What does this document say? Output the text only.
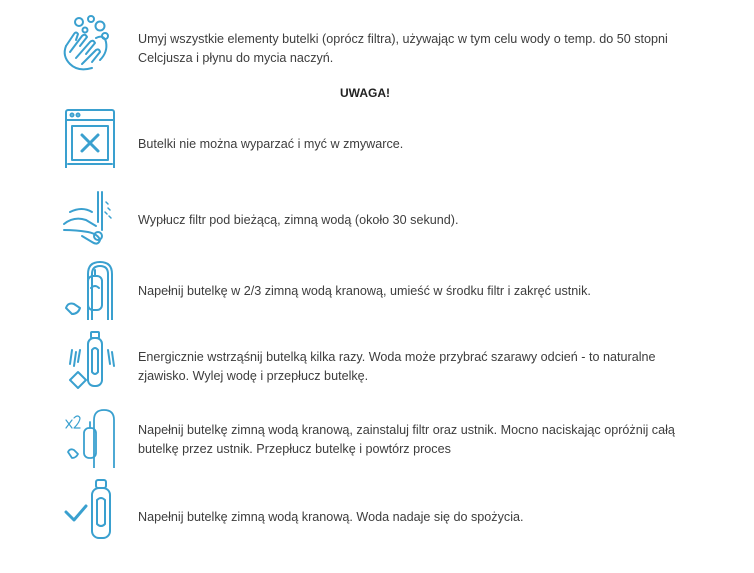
Umyj wszystkie elementy butelki (oprócz filtra), używając w tym celu wody o temp. do 50 stopni Celcjusza i płynu do mycia naczyń.
UWAGA!
Butelki nie można wyparzać i myć w zmywarce.
Wypłucz filtr pod bieżącą, zimną wodą (około 30 sekund).
Napełnij butelkę w 2/3 zimną wodą kranową, umieść w środku filtr i zakręć ustnik.
Energicznie wstrząśnij butelką kilka razy. Woda może przybrać szarawy odcień - to naturalne zjawisko. Wylej wodę i przepłucz butelkę.
Napełnij butelkę zimną wodą kranową, zainstaluj filtr oraz ustnik. Mocno naciskając opróżnij całą butelkę przez ustnik. Przepłucz butelkę i powtórz proces
Napełnij butelkę zimną wodą kranową. Woda nadaje się do spożycia.
